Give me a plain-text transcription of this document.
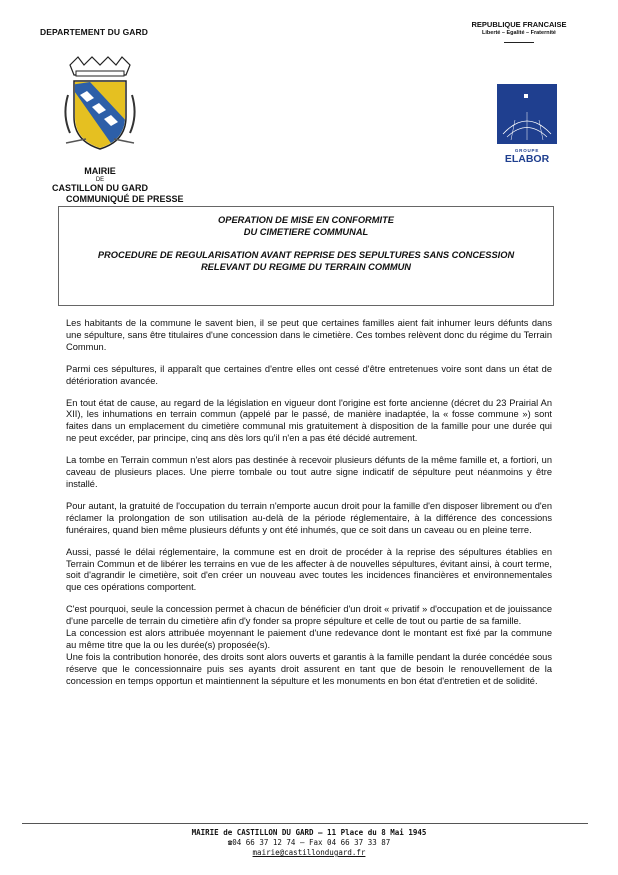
DEPARTEMENT DU GARD
MAIRIE
DE
CASTILLON DU GARD
REPUBLIQUE FRANCAISE
Liberté – Egalité – Fraternité
GROUPE
ELABOR
COMMUNIQUÉ DE PRESSE
OPERATION DE MISE EN CONFORMITE
DU CIMETIERE COMMUNAL
PROCEDURE DE REGULARISATION AVANT REPRISE DES SEPULTURES SANS CONCESSION
RELEVANT DU REGIME DU TERRAIN COMMUN

Les habitants de la commune le savent bien, il se peut que certaines familles aient fait inhumer leurs défunts dans une sépulture, sans être titulaires d'une concession dans le cimetière. Ces tombes relèvent donc du régime du Terrain Commun.

Parmi ces sépultures, il apparaît que certaines d'entre elles ont cessé d'être entretenues voire sont dans un état de détérioration avancée.

En tout état de cause, au regard de la législation en vigueur dont l'origine est forte ancienne (décret du 23 Prairial An XII), les inhumations en terrain commun (appelé par le passé, de manière inadaptée, la « fosse commune ») sont faites dans un emplacement du cimetière communal mis gratuitement à disposition de la famille pour une durée qui ne peut excéder, par principe, cinq ans dès lors qu'il n'en a pas été décidé autrement.

La tombe en Terrain commun n'est alors pas destinée à recevoir plusieurs défunts de la même famille et, a fortiori, un caveau de plusieurs places. Une pierre tombale ou tout autre signe indicatif de sépulture peut néanmoins y être installé.

Pour autant, la gratuité de l'occupation du terrain n'emporte aucun droit pour la famille d'en disposer librement ou d'en réclamer la prolongation de son utilisation au-delà de la période réglementaire, à la différence des concessions funéraires, quand bien même plusieurs défunts y ont été inhumés, que ce soit dans un caveau ou en pleine terre.

Aussi, passé le délai réglementaire, la commune est en droit de procéder à la reprise des sépultures établies en Terrain Commun et de libérer les terrains en vue de les affecter à de nouvelles sépultures, évitant ainsi, à court terme, soit d'agrandir le cimetière, soit d'en créer un nouveau avec toutes les incidences financières et environnementales que ces opérations comportent.

C'est pourquoi, seule la concession permet à chacun de bénéficier d'un droit « privatif » d'occupation et de jouissance d'une parcelle de terrain du cimetière afin d'y fonder sa propre sépulture et celle de tout ou partie de sa famille.

La concession est alors attribuée moyennant le paiement d'une redevance dont le montant est fixé par la commune au même titre que la ou les durée(s) proposée(s).

Une fois la contribution honorée, des droits sont alors ouverts et garantis à la famille pendant la durée concédée sous réserve que le concessionnaire puis ses ayants droit assurent en tant que de besoin le renouvellement de la concession en temps opportun et maintiennent la sépulture et les monuments en bon état d'entretien et de solidité.

MAIRIE de CASTILLON DU GARD – 11 Place du 8 Mai 1945
☎04 66 37 12 74 – Fax 04 66 37 33 87
mairie@castillondugard.fr
